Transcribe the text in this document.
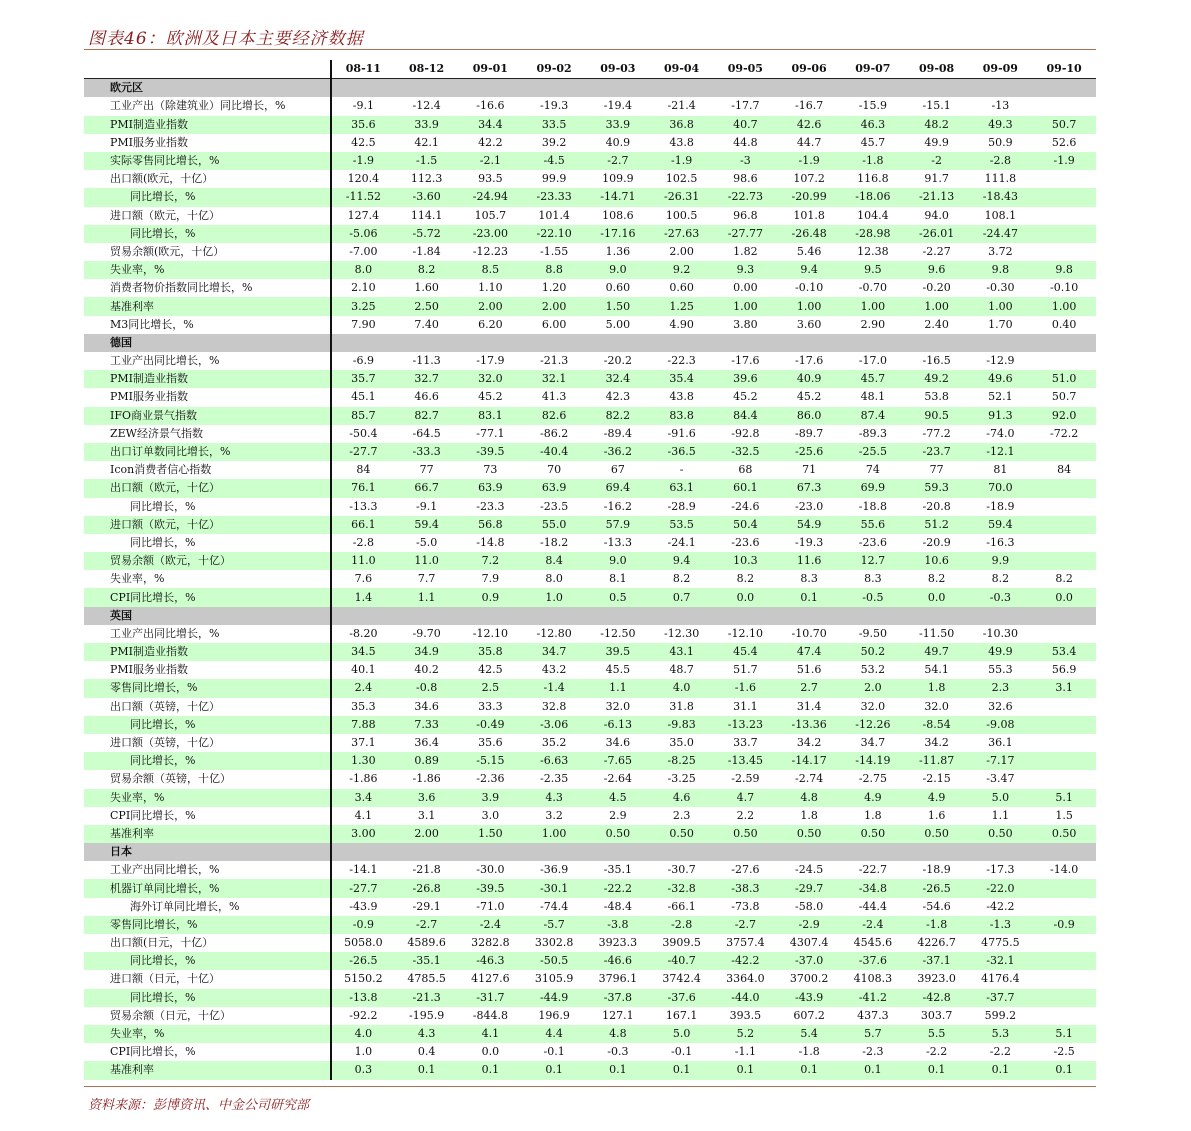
图表46：欧洲及日本主要经济数据
	08-11	08-12	09-01	09-02	09-03	09-04	09-05	09-06	09-07	09-08	09-09	09-10
欧元区												
工业产出（除建筑业）同比增长，%	-9.1	-12.4	-16.6	-19.3	-19.4	-21.4	-17.7	-16.7	-15.9	-15.1	-13	
PMI制造业指数	35.6	33.9	34.4	33.5	33.9	36.8	40.7	42.6	46.3	48.2	49.3	50.7
PMI服务业指数	42.5	42.1	42.2	39.2	40.9	43.8	44.8	44.7	45.7	49.9	50.9	52.6
实际零售同比增长，%	-1.9	-1.5	-2.1	-4.5	-2.7	-1.9	-3	-1.9	-1.8	-2	-2.8	-1.9
出口额(欧元，十亿）	120.4	112.3	93.5	99.9	109.9	102.5	98.6	107.2	116.8	91.7	111.8	
同比增长，%	-11.52	-3.60	-24.94	-23.33	-14.71	-26.31	-22.73	-20.99	-18.06	-21.13	-18.43	
进口额（欧元，十亿）	127.4	114.1	105.7	101.4	108.6	100.5	96.8	101.8	104.4	94.0	108.1	
同比增长，%	-5.06	-5.72	-23.00	-22.10	-17.16	-27.63	-27.77	-26.48	-28.98	-26.01	-24.47	
贸易余额(欧元，十亿）	-7.00	-1.84	-12.23	-1.55	1.36	2.00	1.82	5.46	12.38	-2.27	3.72	
失业率，%	8.0	8.2	8.5	8.8	9.0	9.2	9.3	9.4	9.5	9.6	9.8	9.8
消费者物价指数同比增长，%	2.10	1.60	1.10	1.20	0.60	0.60	0.00	-0.10	-0.70	-0.20	-0.30	-0.10
基准利率	3.25	2.50	2.00	2.00	1.50	1.25	1.00	1.00	1.00	1.00	1.00	1.00
M3同比增长，%	7.90	7.40	6.20	6.00	5.00	4.90	3.80	3.60	2.90	2.40	1.70	0.40
德国												
工业产出同比增长，%	-6.9	-11.3	-17.9	-21.3	-20.2	-22.3	-17.6	-17.6	-17.0	-16.5	-12.9	
PMI制造业指数	35.7	32.7	32.0	32.1	32.4	35.4	39.6	40.9	45.7	49.2	49.6	51.0
PMI服务业指数	45.1	46.6	45.2	41.3	42.3	43.8	45.2	45.2	48.1	53.8	52.1	50.7
IFO商业景气指数	85.7	82.7	83.1	82.6	82.2	83.8	84.4	86.0	87.4	90.5	91.3	92.0
ZEW经济景气指数	-50.4	-64.5	-77.1	-86.2	-89.4	-91.6	-92.8	-89.7	-89.3	-77.2	-74.0	-72.2
出口订单数同比增长，%	-27.7	-33.3	-39.5	-40.4	-36.2	-36.5	-32.5	-25.6	-25.5	-23.7	-12.1	
Icon消费者信心指数	84	77	73	70	67	-	68	71	74	77	81	84
出口额（欧元，十亿）	76.1	66.7	63.9	63.9	69.4	63.1	60.1	67.3	69.9	59.3	70.0	
同比增长，%	-13.3	-9.1	-23.3	-23.5	-16.2	-28.9	-24.6	-23.0	-18.8	-20.8	-18.9	
进口额（欧元，十亿）	66.1	59.4	56.8	55.0	57.9	53.5	50.4	54.9	55.6	51.2	59.4	
同比增长，%	-2.8	-5.0	-14.8	-18.2	-13.3	-24.1	-23.6	-19.3	-23.6	-20.9	-16.3	
贸易余额（欧元，十亿）	11.0	11.0	7.2	8.4	9.0	9.4	10.3	11.6	12.7	10.6	9.9	
失业率，%	7.6	7.7	7.9	8.0	8.1	8.2	8.2	8.3	8.3	8.2	8.2	8.2
CPI同比增长，%	1.4	1.1	0.9	1.0	0.5	0.7	0.0	0.1	-0.5	0.0	-0.3	0.0
英国												
工业产出同比增长，%	-8.20	-9.70	-12.10	-12.80	-12.50	-12.30	-12.10	-10.70	-9.50	-11.50	-10.30	
PMI制造业指数	34.5	34.9	35.8	34.7	39.5	43.1	45.4	47.4	50.2	49.7	49.9	53.4
PMI服务业指数	40.1	40.2	42.5	43.2	45.5	48.7	51.7	51.6	53.2	54.1	55.3	56.9
零售同比增长，%	2.4	-0.8	2.5	-1.4	1.1	4.0	-1.6	2.7	2.0	1.8	2.3	3.1
出口额（英镑，十亿）	35.3	34.6	33.3	32.8	32.0	31.8	31.1	31.4	32.0	32.0	32.6	
同比增长，%	7.88	7.33	-0.49	-3.06	-6.13	-9.83	-13.23	-13.36	-12.26	-8.54	-9.08	
进口额（英镑，十亿）	37.1	36.4	35.6	35.2	34.6	35.0	33.7	34.2	34.7	34.2	36.1	
同比增长，%	1.30	0.89	-5.15	-6.63	-7.65	-8.25	-13.45	-14.17	-14.19	-11.87	-7.17	
贸易余额（英镑，十亿）	-1.86	-1.86	-2.36	-2.35	-2.64	-3.25	-2.59	-2.74	-2.75	-2.15	-3.47	
失业率，%	3.4	3.6	3.9	4.3	4.5	4.6	4.7	4.8	4.9	4.9	5.0	5.1
CPI同比增长，%	4.1	3.1	3.0	3.2	2.9	2.3	2.2	1.8	1.8	1.6	1.1	1.5
基准利率	3.00	2.00	1.50	1.00	0.50	0.50	0.50	0.50	0.50	0.50	0.50	0.50
日本												
工业产出同比增长，%	-14.1	-21.8	-30.0	-36.9	-35.1	-30.7	-27.6	-24.5	-22.7	-18.9	-17.3	-14.0
机器订单同比增长，%	-27.7	-26.8	-39.5	-30.1	-22.2	-32.8	-38.3	-29.7	-34.8	-26.5	-22.0	
海外订单同比增长，%	-43.9	-29.1	-71.0	-74.4	-48.4	-66.1	-73.8	-58.0	-44.4	-54.6	-42.2	
零售同比增长，%	-0.9	-2.7	-2.4	-5.7	-3.8	-2.8	-2.7	-2.9	-2.4	-1.8	-1.3	-0.9
出口额(日元，十亿）	5058.0	4589.6	3282.8	3302.8	3923.3	3909.5	3757.4	4307.4	4545.6	4226.7	4775.5	
同比增长，%	-26.5	-35.1	-46.3	-50.5	-46.6	-40.7	-42.2	-37.0	-37.6	-37.1	-32.1	
进口额（日元，十亿）	5150.2	4785.5	4127.6	3105.9	3796.1	3742.4	3364.0	3700.2	4108.3	3923.0	4176.4	
同比增长，%	-13.8	-21.3	-31.7	-44.9	-37.8	-37.6	-44.0	-43.9	-41.2	-42.8	-37.7	
贸易余额（日元，十亿）	-92.2	-195.9	-844.8	196.9	127.1	167.1	393.5	607.2	437.3	303.7	599.2	
失业率，%	4.0	4.3	4.1	4.4	4.8	5.0	5.2	5.4	5.7	5.5	5.3	5.1
CPI同比增长，%	1.0	0.4	0.0	-0.1	-0.3	-0.1	-1.1	-1.8	-2.3	-2.2	-2.2	-2.5
基准利率	0.3	0.1	0.1	0.1	0.1	0.1	0.1	0.1	0.1	0.1	0.1	0.1
资料来源：彭博资讯、中金公司研究部
